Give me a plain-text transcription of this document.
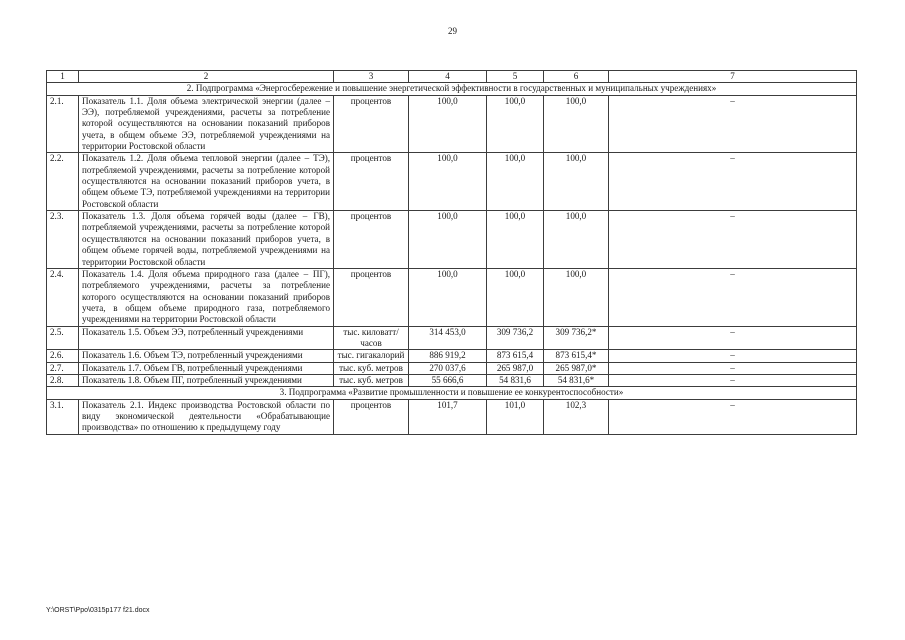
29
1	2	3	4	5	6	7
2. Подпрограмма «Энергосбережение и повышение энергетической эффективности в государственных и муниципальных учреждениях»						
2.1.	Показатель 1.1. Доля объема электрической энергии (далее – ЭЭ), потребляемой учреждениями, расчеты за потребление которой осуществляются на основании показаний приборов учета, в общем объеме ЭЭ, потребляемой учреждениями на территории Ростовской области	процентов	100,0	100,0	100,0	–
2.2.	Показатель 1.2. Доля объема тепловой энергии (далее – ТЭ), потребляемой учреждениями, расчеты за потребление которой осуществляются на основании показаний приборов учета, в общем объеме ТЭ, потребляемой учреждениями на территории Ростовской области	процентов	100,0	100,0	100,0	–
2.3.	Показатель 1.3. Доля объема горячей воды (далее – ГВ), потребляемой учреждениями, расчеты за потребление которой осуществляются на основании показаний приборов учета, в общем объеме горячей воды, потребляемой учреждениями на территории Ростовской области	процентов	100,0	100,0	100,0	–
2.4.	Показатель 1.4. Доля объема природного газа (далее – ПГ), потребляемого учреждениями, расчеты за потребление которого осуществляются на основании показаний приборов учета, в общем объеме природного газа, потребляемого учреждениями на территории Ростовской области	процентов	100,0	100,0	100,0	–
2.5.	Показатель 1.5. Объем ЭЭ, потребленный учреждениями	тыс. киловатт/ часов	314 453,0	309 736,2	309 736,2*	–
2.6.	Показатель 1.6. Объем ТЭ, потребленный учреждениями	тыс. гигакалорий	886 919,2	873 615,4	873 615,4*	–
2.7.	Показатель 1.7. Объем ГВ, потребленный учреждениями	тыс. куб. метров	270 037,6	265 987,0	265 987,0*	–
2.8.	Показатель 1.8. Объем ПГ, потребленный учреждениями	тыс. куб. метров	55 666,6	54 831,6	54 831,6*	–
3. Подпрограмма «Развитие промышленности и повышение ее конкурентоспособности»						
3.1.	Показатель 2.1. Индекс производства Ростовской области по виду экономической деятельности «Обрабатывающие производства» по отношению к предыдущему году	процентов	101,7	101,0	102,3	–
Y:\ORST\Ppo\0315p177 f21.docx
